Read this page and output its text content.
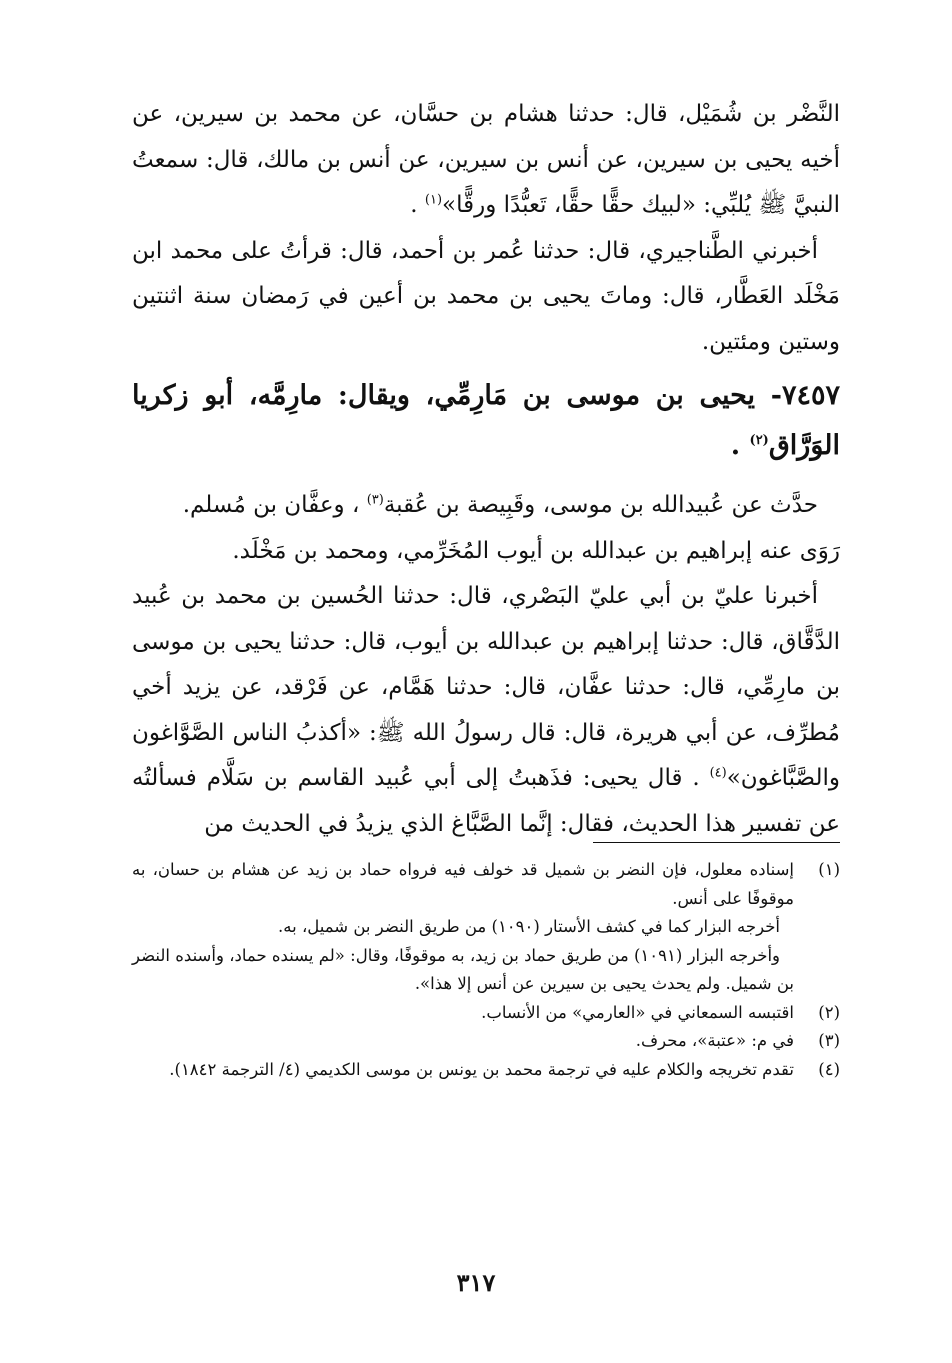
النَّضْر بن شُمَيْل، قال: حدثنا هشام بن حسَّان، عن محمد بن سيرين، عن أخيه يحيى بن سيرين، عن أنس بن سيرين، عن أنس بن مالك، قال: سمعتُ النبيَّ ﷺ يُلبِّي: «لبيك حقًّا حقًّا، تَعبُّدًا ورقًّا»$^{(١)}$ .

أخبرني الطَّناجيري، قال: حدثنا عُمر بن أحمد، قال: قرأتُ على محمد ابن مَخْلَد العَطَّار، قال: وماتَ يحيى بن محمد بن أعين في رَمضان سنة اثنتين وستين ومئتين.

٧٤٥٧- يحيى بن موسى بن مَارِمِّي، ويقال: مارِمَّه، أبو زكريا الوَرَّاق$^{(٢)}$ .

حدَّث عن عُبيدالله بن موسى، وقَبِيصة بن عُقبة$^{(٣)}$ ، وعفَّان بن مُسلم.

رَوَى عنه إبراهيم بن عبدالله بن أيوب المُخَرِّمي، ومحمد بن مَخْلَد.

أخبرنا عليّ بن أبي عليّ البَصْري، قال: حدثنا الحُسين بن محمد بن عُبيد الدَّقَّاق، قال: حدثنا إبراهيم بن عبدالله بن أيوب، قال: حدثنا يحيى بن موسى بن مارِمِّي، قال: حدثنا عفَّان، قال: حدثنا هَمَّام، عن فَرْقد، عن يزيد أخي مُطرِّف، عن أبي هريرة، قال: قال رسولُ الله ﷺ: «أكذبُ الناس الصَّوَّاغون والصَّبَّاغون»$^{(٤)}$ . قال يحيى: فذَهبتُ إلى أبي عُبيد القاسم بن سَلَّام فسألتُه عن تفسير هذا الحديث، فقال: إنَّما الصَّبَّاغ الذي يزيدُ في الحديث من

(١)
إسناده معلول، فإن النضر بن شميل قد خولف فيه فرواه حماد بن زيد عن هشام بن حسان، به موقوفًا على أنس.
أخرجه البزار كما في كشف الأستار (١٠٩٠) من طريق النضر بن شميل، به.
وأخرجه البزار (١٠٩١) من طريق حماد بن زيد، به موقوفًا، وقال: «لم يسنده حماد، وأسنده النضر بن شميل. ولم يحدث يحيى بن سيرين عن أنس إلا هذا».
(٢)
اقتبسه السمعاني في «العارمي» من الأنساب.
(٣)
في م: «عتبة»، محرف.
(٤)
تقدم تخريجه والكلام عليه في ترجمة محمد بن يونس بن موسى الكديمي (٤/ الترجمة ١٨٤٢).
٣١٧
